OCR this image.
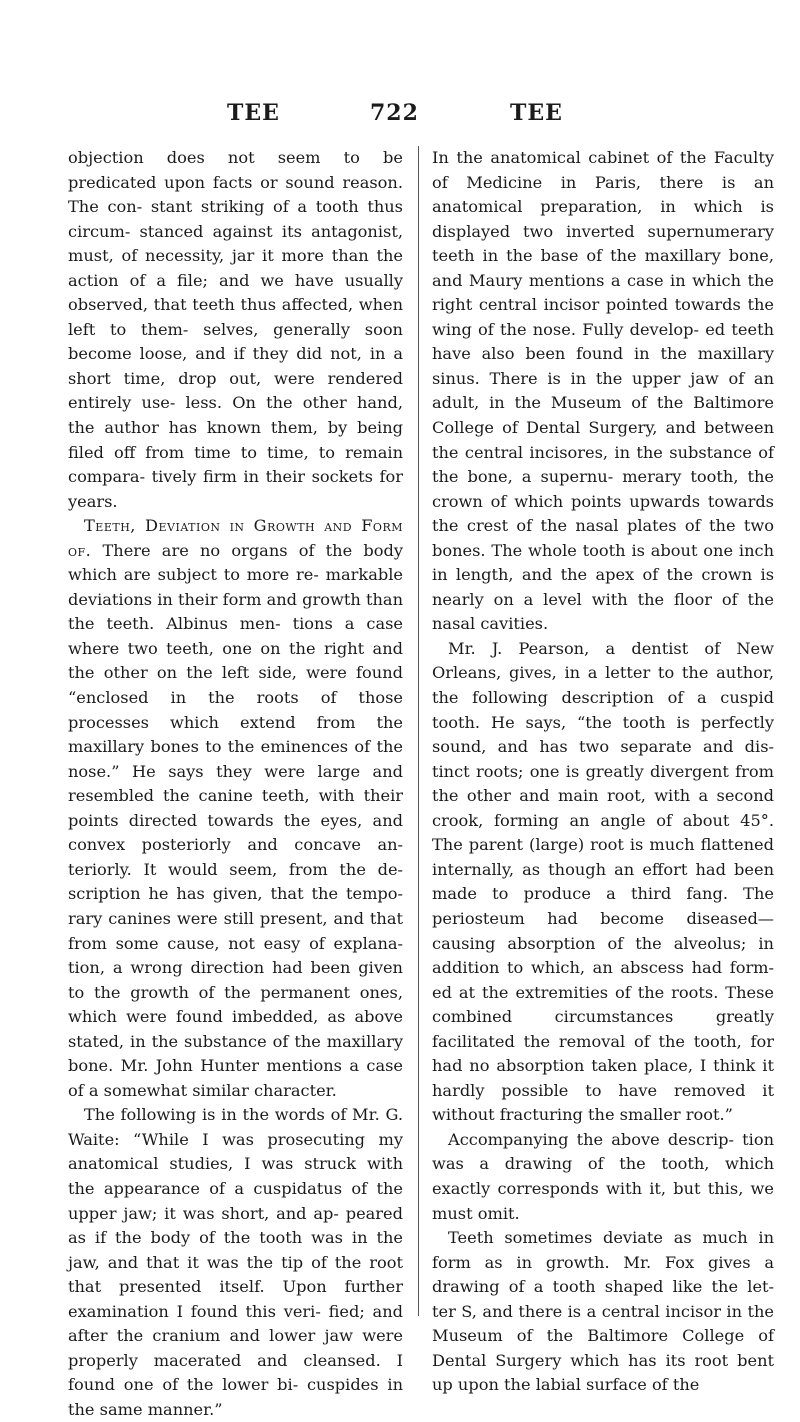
TEE	722	TEE

objection does not seem to be predicated upon facts or sound reason. The con- stant striking of a tooth thus circum- stanced against its antagonist, must, of necessity, jar it more than the action of a file; and we have usually observed, that teeth thus affected, when left to them- selves, generally soon become loose, and if they did not, in a short time, drop out, were rendered entirely use- less. On the other hand, the author has known them, by being filed off from time to time, to remain compara- tively firm in their sockets for years.

Teeth, Deviation in Growth and Form of. There are no organs of the body which are subject to more re- markable deviations in their form and growth than the teeth. Albinus men- tions a case where two teeth, one on the right and the other on the left side, were found “enclosed in the roots of those processes which extend from the maxillary bones to the eminences of the nose.” He says they were large and resembled the canine teeth, with their points directed towards the eyes, and convex posteriorly and concave an- teriorly. It would seem, from the de- scription he has given, that the tempo- rary canines were still present, and that from some cause, not easy of explana- tion, a wrong direction had been given to the growth of the permanent ones, which were found imbedded, as above stated, in the substance of the maxillary bone. Mr. John Hunter mentions a case of a somewhat similar character.

The following is in the words of Mr. G. Waite: “While I was prosecuting my anatomical studies, I was struck with the appearance of a cuspidatus of the upper jaw; it was short, and ap- peared as if the body of the tooth was in the jaw, and that it was the tip of the root that presented itself. Upon further examination I found this veri- fied; and after the cranium and lower jaw were properly macerated and cleansed. I found one of the lower bi- cuspides in the same manner.”

In the anatomical cabinet of the Faculty of Medicine in Paris, there is an anatomical preparation, in which is displayed two inverted supernumerary teeth in the base of the maxillary bone, and Maury mentions a case in which the right central incisor pointed towards the wing of the nose. Fully develop- ed teeth have also been found in the maxillary sinus. There is in the upper jaw of an adult, in the Museum of the Baltimore College of Dental Surgery, and between the central incisores, in the substance of the bone, a supernu- merary tooth, the crown of which points upwards towards the crest of the nasal plates of the two bones. The whole tooth is about one inch in length, and the apex of the crown is nearly on a level with the floor of the nasal cavities.

Mr. J. Pearson, a dentist of New Orleans, gives, in a letter to the author, the following description of a cuspid tooth. He says, “the tooth is perfectly sound, and has two separate and dis- tinct roots; one is greatly divergent from the other and main root, with a second crook, forming an angle of about 45°. The parent (large) root is much flattened internally, as though an effort had been made to produce a third fang. The periosteum had become diseased— causing absorption of the alveolus; in addition to which, an abscess had form- ed at the extremities of the roots. These combined circumstances greatly facilitated the removal of the tooth, for had no absorption taken place, I think it hardly possible to have removed it without fracturing the smaller root.”

Accompanying the above descrip- tion was a drawing of the tooth, which exactly corresponds with it, but this, we must omit.

Teeth sometimes deviate as much in form as in growth. Mr. Fox gives a drawing of a tooth shaped like the let- ter S, and there is a central incisor in the Museum of the Baltimore College of Dental Surgery which has its root bent up upon the labial surface of the
